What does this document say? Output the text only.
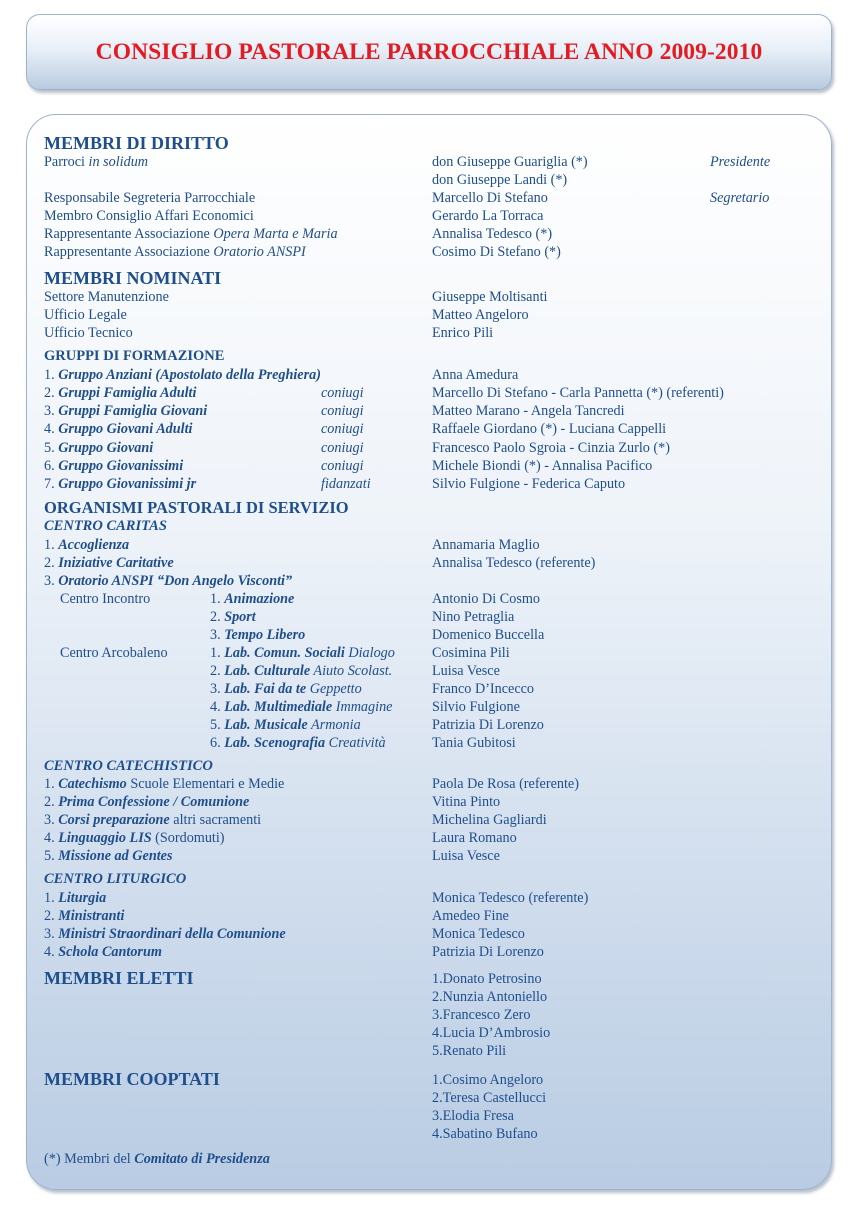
CONSIGLIO PASTORALE PARROCCHIALE ANNO 2009-2010
MEMBRI DI DIRITTO
Parroci in solidum	don Giuseppe Guariglia (*)	Presidente
don Giuseppe Landi (*)
Responsabile Segreteria Parrocchiale	Marcello Di Stefano	Segretario
Membro Consiglio Affari Economici	Gerardo La Torraca
Rappresentante Associazione Opera Marta e Maria	Annalisa Tedesco (*)
Rappresentante Associazione Oratorio ANSPI	Cosimo Di Stefano (*)
MEMBRI NOMINATI
Settore Manutenzione	Giuseppe Moltisanti
Ufficio Legale	Matteo Angeloro
Ufficio Tecnico	Enrico Pili
GRUPPI DI FORMAZIONE
1. Gruppo Anziani (Apostolato della Preghiera)	Anna Amedura
2. Gruppi Famiglia Adulti	coniugi	Marcello Di Stefano - Carla Pannetta (*) (referenti)
3. Gruppi Famiglia Giovani	coniugi	Matteo Marano - Angela Tancredi
4. Gruppo Giovani Adulti	coniugi	Raffaele Giordano (*) - Luciana Cappelli
5. Gruppo Giovani	coniugi	Francesco Paolo Sgroia - Cinzia Zurlo (*)
6. Gruppo Giovanissimi	coniugi	Michele Biondi (*) - Annalisa Pacifico
7. Gruppo Giovanissimi jr	fidanzati	Silvio Fulgione - Federica Caputo
ORGANISMI PASTORALI DI SERVIZIO
CENTRO CARITAS
1. Accoglienza	Annamaria Maglio
2. Iniziative Caritative	Annalisa Tedesco (referente)
3. Oratorio ANSPI “Don Angelo Visconti”
Centro Incontro	1. Animazione	Antonio Di Cosmo
2. Sport	Nino Petraglia
3. Tempo Libero	Domenico Buccella
Centro Arcobaleno	1. Lab. Comun. Sociali Dialogo	Cosimina Pili
2. Lab. Culturale Aiuto Scolast.	Luisa Vesce
3. Lab. Fai da te Geppetto	Franco D’Incecco
4. Lab. Multimediale Immagine	Silvio Fulgione
5. Lab. Musicale Armonia	Patrizia Di Lorenzo
6. Lab. Scenografia Creatività	Tania Gubitosi
CENTRO CATECHISTICO
1. Catechismo Scuole Elementari e Medie	Paola De Rosa (referente)
2. Prima Confessione / Comunione	Vitina Pinto
3. Corsi preparazione altri sacramenti	Michelina Gagliardi
4. Linguaggio LIS (Sordomuti)	Laura Romano
5. Missione ad Gentes	Luisa Vesce
CENTRO LITURGICO
1. Liturgia	Monica Tedesco (referente)
2. Ministranti	Amedeo Fine
3. Ministri Straordinari della Comunione	Monica Tedesco
4. Schola Cantorum	Patrizia Di Lorenzo
MEMBRI ELETTI	1.Donato Petrosino
2.Nunzia Antoniello
3.Francesco Zero
4.Lucia D’Ambrosio
5.Renato Pili
MEMBRI COOPTATI	1.Cosimo Angeloro
2.Teresa Castellucci
3.Elodia Fresa
4.Sabatino Bufano
(*) Membri del Comitato di Presidenza
